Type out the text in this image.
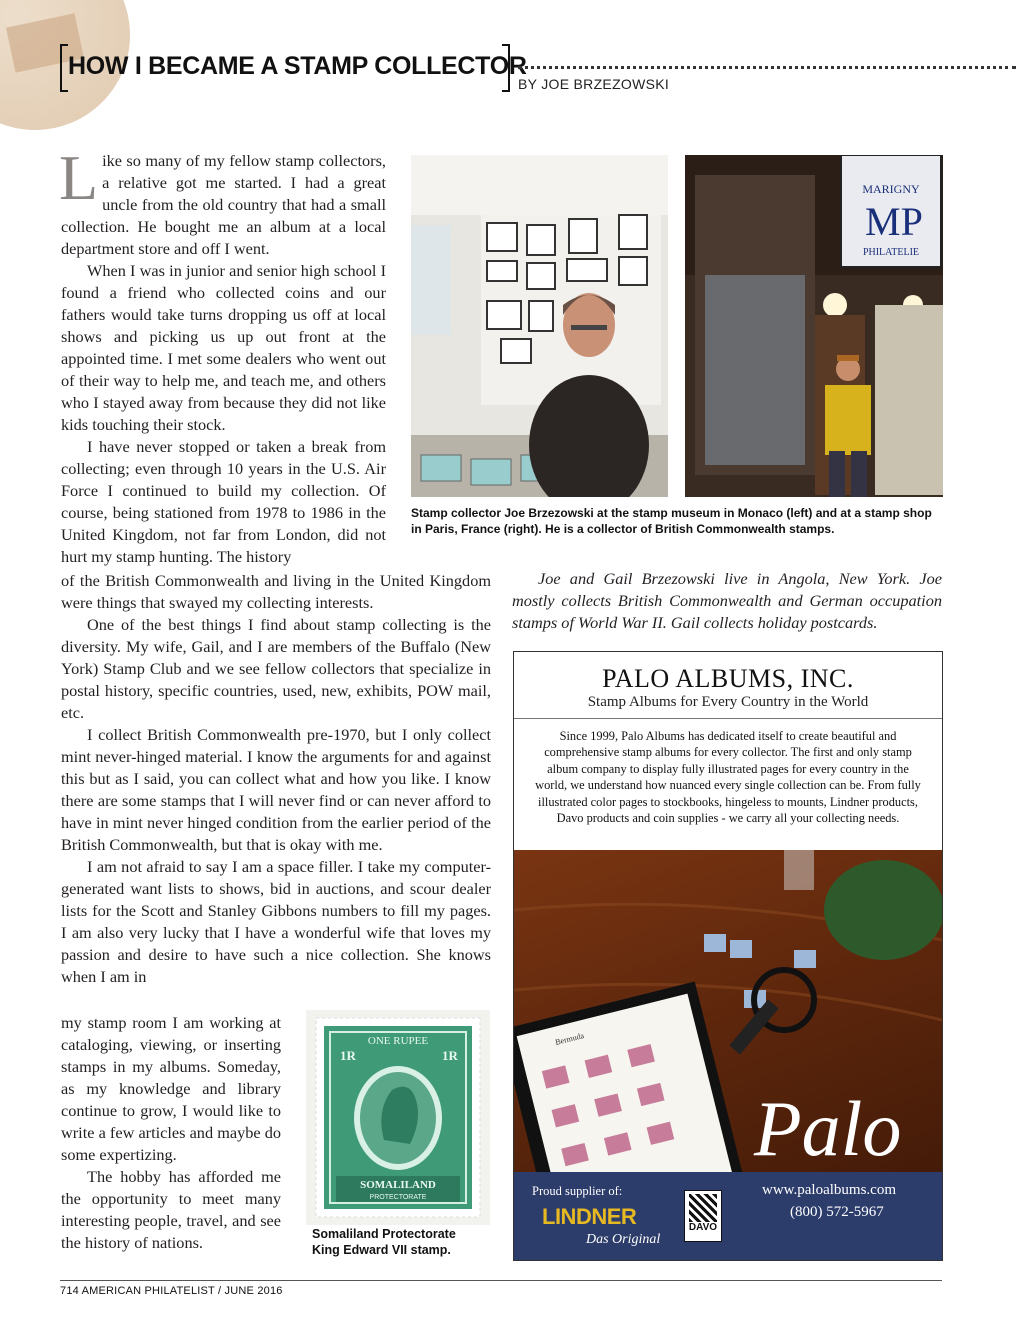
HOW I BECAME A STAMP COLLECTOR
BY JOE BRZEZOWSKI

Like so many of my fellow stamp collectors, a relative got me started. I had a great uncle from the old country that had a small collection. He bought me an album at a local department store and off I went.

When I was in junior and senior high school I found a friend who collected coins and our fathers would take turns dropping us off at local shows and picking us up out front at the appointed time. I met some dealers who went out of their way to help me, and teach me, and others who I stayed away from because they did not like kids touching their stock.

I have never stopped or taken a break from collecting; even through 10 years in the U.S. Air Force I continued to build my collection. Of course, being stationed from 1978 to 1986 in the United Kingdom, not far from London, did not hurt my stamp hunting. The history

of the British Commonwealth and living in the United Kingdom were things that swayed my collecting interests.

One of the best things I find about stamp collecting is the diversity. My wife, Gail, and I are members of the Buffalo (New York) Stamp Club and we see fellow collectors that specialize in postal history, specific countries, used, new, exhibits, POW mail, etc.

I collect British Commonwealth pre-1970, but I only collect mint never-hinged material. I know the arguments for and against this but as I said, you can collect what and how you like. I know there are some stamps that I will never find or can never afford to have in mint never hinged condition from the earlier period of the British Commonwealth, but that is okay with me.

I am not afraid to say I am a space filler. I take my computer-generated want lists to shows, bid in auctions, and scour dealer lists for the Scott and Stanley Gibbons numbers to fill my pages. I am also very lucky that I have a wonderful wife that loves my passion and desire to have such a nice collection. She knows when I am in

my stamp room I am working at cataloging, viewing, or inserting stamps in my albums. Someday, as my knowledge and library continue to grow, I would like to write a few articles and maybe do some expertizing.

The hobby has afforded me the opportunity to meet many interesting people, travel, and see the history of nations.

MARIGNY
MP
PHILATELIE
Stamp collector Joe Brzezowski at the stamp museum in Monaco (left) and at a stamp shop in Paris, France (right). He is a collector of British Commonwealth stamps.
Joe and Gail Brzezowski live in Angola, New York. Joe mostly collects British Commonwealth and German occupation stamps of World War II. Gail collects holiday postcards.
ONE RUPEE
1R	1R
SOMALILAND
PROTECTORATE
Somaliland Protectorate King Edward VII stamp.
PALO ALBUMS, INC.
Stamp Albums for Every Country in the World
Since 1999, Palo Albums has dedicated itself to create beautiful and comprehensive stamp albums for every collector. The first and only stamp album company to display fully illustrated pages for every country in the world, we understand how nuanced every single collection can be. From fully illustrated color pages to stockbooks, hingeless to mounts, Lindner products, Davo products and coin supplies - we carry all your collecting needs.
Bermuda
Palo
Proud supplier of:
LINDNER
Das Original
DAVO
www.paloalbums.com
(800) 572-5967
714 AMERICAN PHILATELIST / JUNE 2016
